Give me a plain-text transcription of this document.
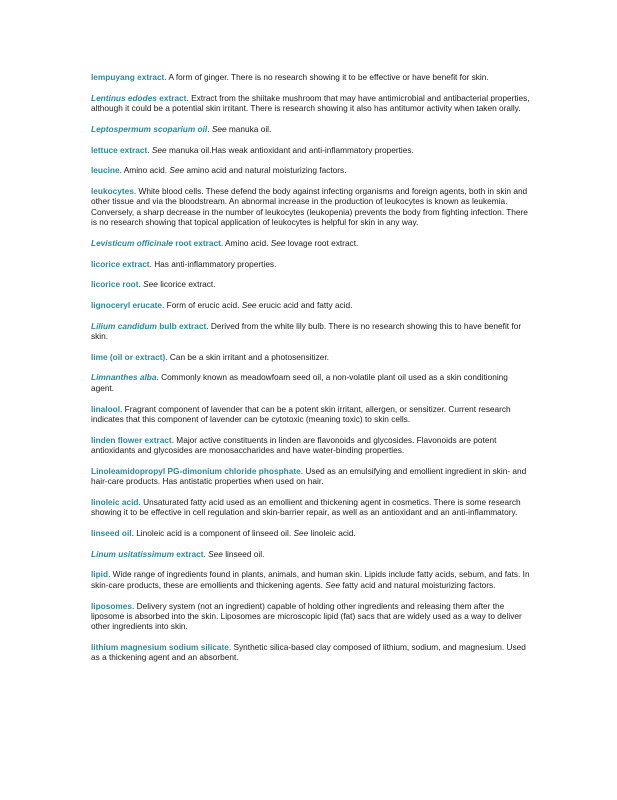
lempuyang extract. A form of ginger. There is no research showing it to be effective or have benefit for skin.

Lentinus edodes extract. Extract from the shiitake mushroom that may have antimicrobial and antibacterial properties, although it could be a potential skin irritant. There is research showing it also has antitumor activity when taken orally.

Leptospermum scoparium oil. See manuka oil.

lettuce extract. See manuka oil.Has weak antioxidant and anti-inflammatory properties.

leucine. Amino acid. See amino acid and natural moisturizing factors.

leukocytes. White blood cells. These defend the body against infecting organisms and foreign agents, both in skin and other tissue and via the bloodstream. An abnormal increase in the production of leukocytes is known as leukemia. Conversely, a sharp decrease in the number of leukocytes (leukopenia) prevents the body from fighting infection. There is no research showing that topical application of leukocytes is helpful for skin in any way.

Levisticum officinale root extract. Amino acid. See lovage root extract.

licorice extract. Has anti-inflammatory properties.

licorice root. See licorice extract.

lignoceryl erucate. Form of erucic acid. See erucic acid and fatty acid.

Lilium candidum bulb extract. Derived from the white lily bulb. There is no research showing this to have benefit for skin.

lime (oil or extract). Can be a skin irritant and a photosensitizer.

Limnanthes alba. Commonly known as meadowfoam seed oil, a non-volatile plant oil used as a skin conditioning agent.

linalool. Fragrant component of lavender that can be a potent skin irritant, allergen, or sensitizer. Current research indicates that this component of lavender can be cytotoxic (meaning toxic) to skin cells.

linden flower extract. Major active constituents in linden are flavonoids and glycosides. Flavonoids are potent antioxidants and glycosides are monosaccharides and have water-binding properties.

Linoleamidopropyl PG-dimonium chloride phosphate. Used as an emulsifying and emollient ingredient in skin- and hair-care products. Has antistatic properties when used on hair.

linoleic acid. Unsaturated fatty acid used as an emollient and thickening agent in cosmetics. There is some research showing it to be effective in cell regulation and skin-barrier repair, as well as an antioxidant and an anti-inflammatory.

linseed oil. Linoleic acid is a component of linseed oil. See linoleic acid.

Linum usitatissimum extract. See linseed oil.

lipid. Wide range of ingredients found in plants, animals, and human skin. Lipids include fatty acids, sebum, and fats. In skin-care products, these are emollients and thickening agents. See fatty acid and natural moisturizing factors.

liposomes. Delivery system (not an ingredient) capable of holding other ingredients and releasing them after the liposome is absorbed into the skin. Liposomes are microscopic lipid (fat) sacs that are widely used as a way to deliver other ingredients into skin.

lithium magnesium sodium silicate. Synthetic silica-based clay composed of lithium, sodium, and magnesium. Used as a thickening agent and an absorbent.
